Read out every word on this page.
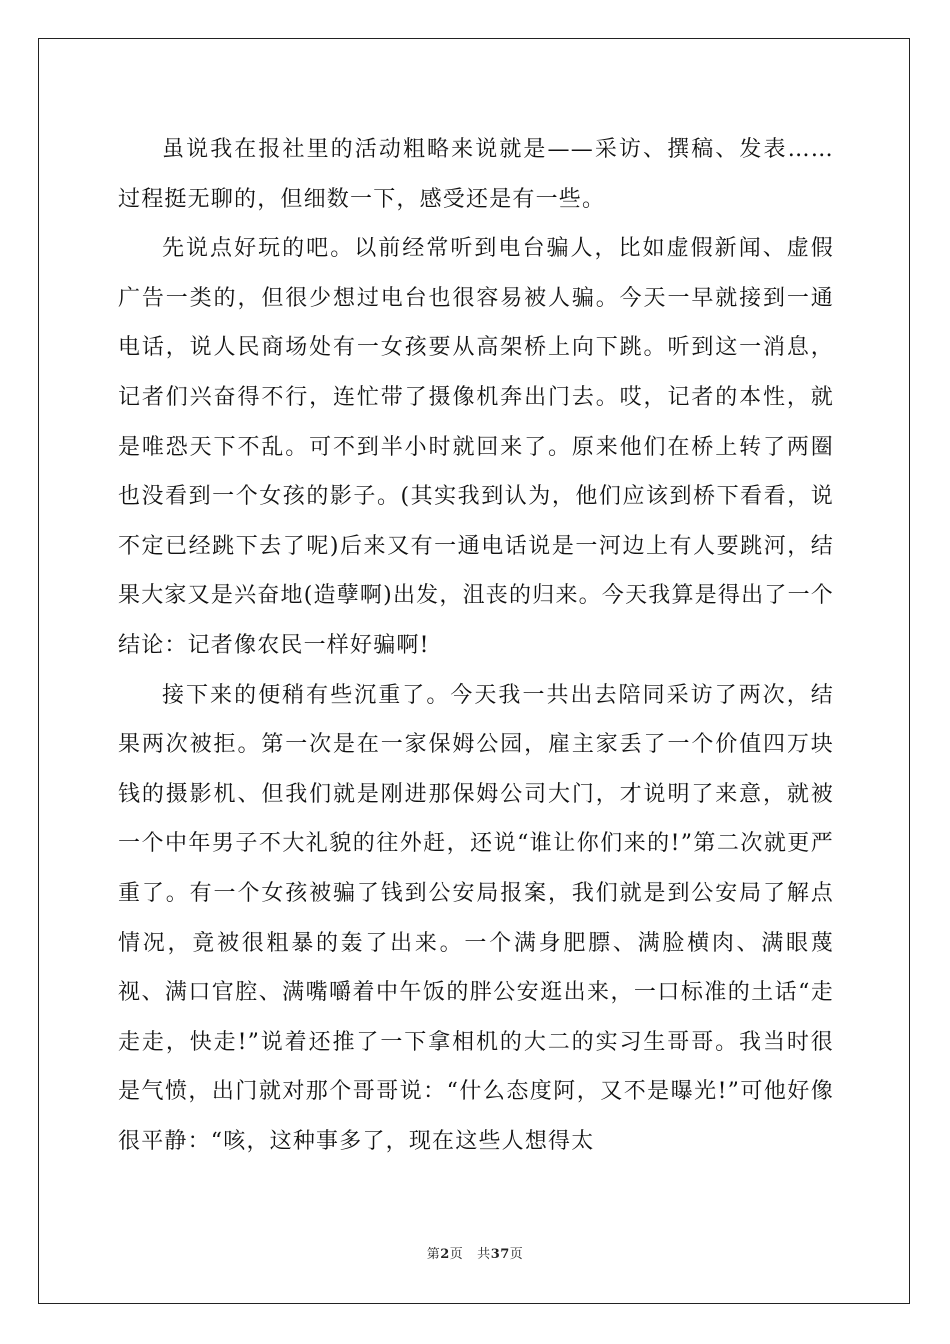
虽说我在报社里的活动粗略来说就是——采访、撰稿、发表……过程挺无聊的，但细数一下，感受还是有一些。

先说点好玩的吧。以前经常听到电台骗人，比如虚假新闻、虚假广告一类的，但很少想过电台也很容易被人骗。今天一早就接到一通电话，说人民商场处有一女孩要从高架桥上向下跳。听到这一消息，记者们兴奋得不行，连忙带了摄像机奔出门去。哎，记者的本性，就是唯恐天下不乱。可不到半小时就回来了。原来他们在桥上转了两圈也没看到一个女孩的影子。(其实我到认为，他们应该到桥下看看，说不定已经跳下去了呢)后来又有一通电话说是一河边上有人要跳河，结果大家又是兴奋地(造孽啊)出发，沮丧的归来。今天我算是得出了一个结论：记者像农民一样好骗啊!

接下来的便稍有些沉重了。今天我一共出去陪同采访了两次，结果两次被拒。第一次是在一家保姆公园，雇主家丢了一个价值四万块钱的摄影机、但我们就是刚进那保姆公司大门，才说明了来意，就被一个中年男子不大礼貌的往外赶，还说“谁让你们来的!”第二次就更严重了。有一个女孩被骗了钱到公安局报案，我们就是到公安局了解点情况，竟被很粗暴的轰了出来。一个满身肥膘、满脸横肉、满眼蔑视、满口官腔、满嘴嚼着中午饭的胖公安逛出来，一口标准的土话“走走走，快走!”说着还推了一下拿相机的大二的实习生哥哥。我当时很是气愤，出门就对那个哥哥说：“什么态度阿，又不是曝光!”可他好像很平静：“咳，这种事多了，现在这些人想得太

第2页 共37页
